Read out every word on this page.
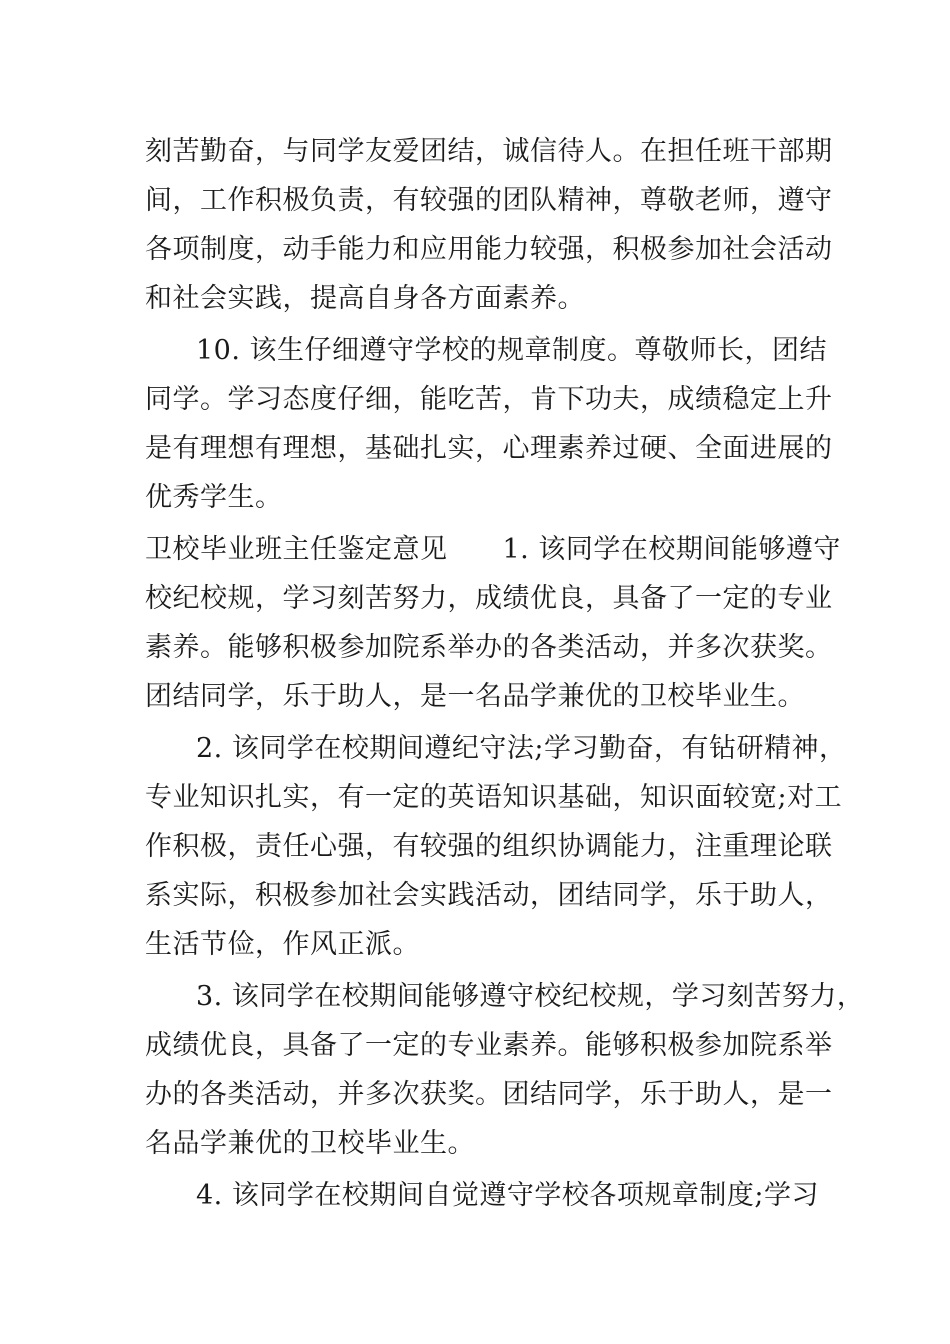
刻苦勤奋，与同学友爱团结，诚信待人。在担任班干部期
间，工作积极负责，有较强的团队精神，尊敬老师，遵守
各项制度，动手能力和应用能力较强，积极参加社会活动
和社会实践，提高自身各方面素养。
10. 该生仔细遵守学校的规章制度。尊敬师长，团结
同学。学习态度仔细，能吃苦，肯下功夫，成绩稳定上升
是有理想有理想，基础扎实，心理素养过硬、全面进展的
优秀学生。
卫校毕业班主任鉴定意见　　1. 该同学在校期间能够遵守
校纪校规，学习刻苦努力，成绩优良，具备了一定的专业
素养。能够积极参加院系举办的各类活动，并多次获奖。
团结同学，乐于助人，是一名品学兼优的卫校毕业生。
2. 该同学在校期间遵纪守法;学习勤奋，有钻研精神，
专业知识扎实，有一定的英语知识基础，知识面较宽;对工
作积极，责任心强，有较强的组织协调能力，注重理论联
系实际，积极参加社会实践活动，团结同学，乐于助人，
生活节俭，作风正派。
3. 该同学在校期间能够遵守校纪校规，学习刻苦努力，
成绩优良，具备了一定的专业素养。能够积极参加院系举
办的各类活动，并多次获奖。团结同学，乐于助人，是一
名品学兼优的卫校毕业生。
4. 该同学在校期间自觉遵守学校各项规章制度;学习
